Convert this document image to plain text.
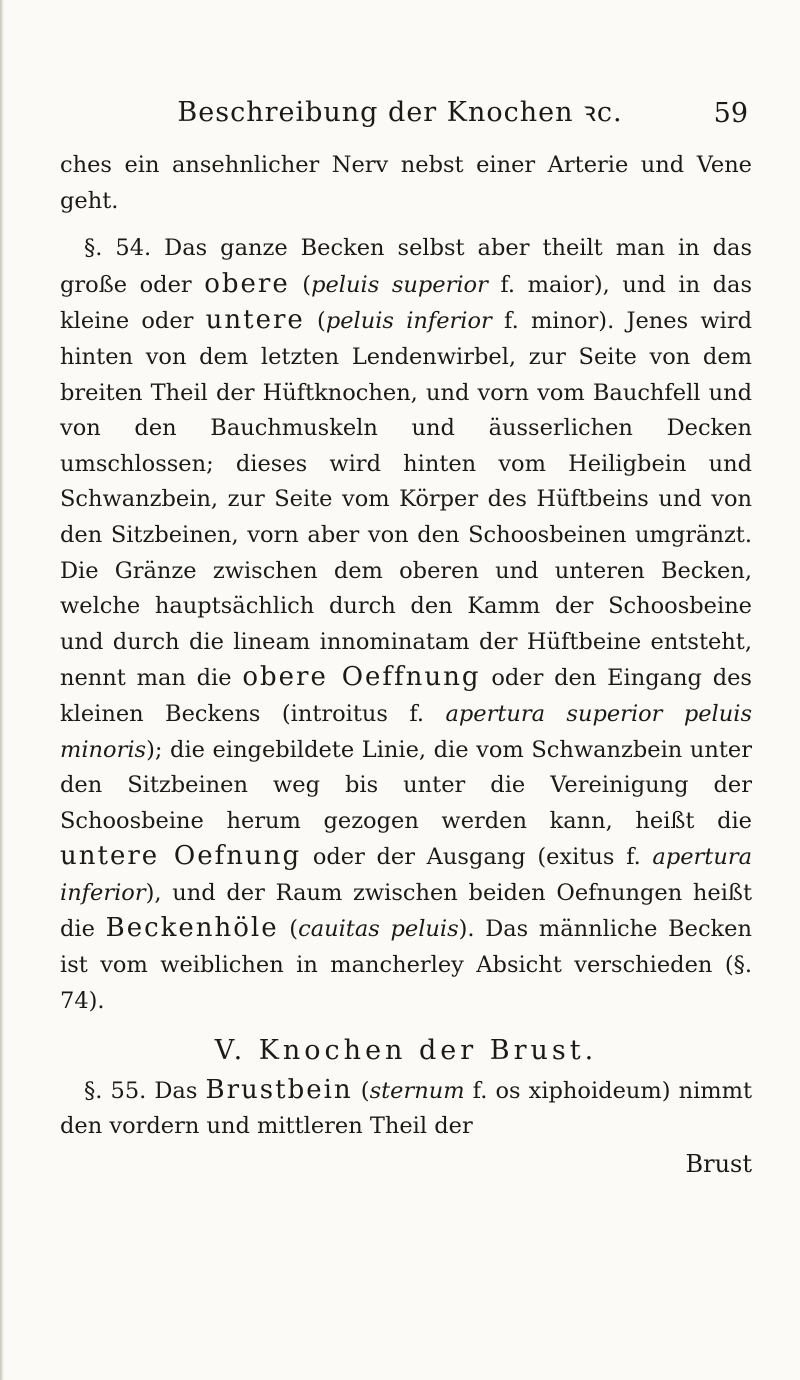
Beschreibung der Knochen ꝛc.	59

ches ein ansehnlicher Nerv nebst einer Arterie und Vene geht.

§. 54. Das ganze Becken selbst aber theilt man in das große oder obere (peluis superior f. maior), und in das kleine oder untere (peluis inferior f. minor). Jenes wird hinten von dem letzten Lendenwirbel, zur Seite von dem breiten Theil der Hüftknochen, und vorn vom Bauchfell und von den Bauchmuskeln und äusserlichen Decken umschlossen; dieses wird hinten vom Heiligbein und Schwanzbein, zur Seite vom Körper des Hüftbeins und von den Sitzbeinen, vorn aber von den Schoosbeinen umgränzt. Die Gränze zwischen dem oberen und unteren Becken, welche hauptsächlich durch den Kamm der Schoosbeine und durch die lineam innominatam der Hüftbeine entsteht, nennt man die obere Oeffnung oder den Eingang des kleinen Beckens (introitus f. apertura superior peluis minoris); die eingebildete Linie, die vom Schwanzbein unter den Sitzbeinen weg bis unter die Vereinigung der Schoosbeine herum gezogen werden kann, heißt die untere Oefnung oder der Ausgang (exitus f. apertura inferior), und der Raum zwischen beiden Oefnungen heißt die Beckenhöle (cauitas peluis). Das männliche Becken ist vom weiblichen in mancherley Absicht verschieden (§. 74).

V. Knochen der Brust.

§. 55. Das Brustbein (sternum f. os xiphoideum) nimmt den vordern und mittleren Theil der

Brust
